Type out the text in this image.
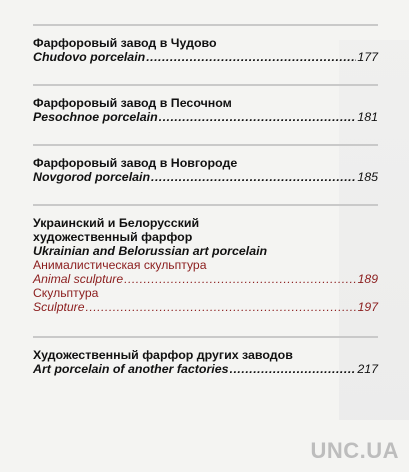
Фарфоровый завод в Чудово
Chudovo porcelain .....	177
Фарфоровый завод в Песочном
Pesochnoe porcelain .....	181
Фарфоровый завод в Новгороде
Novgorod porcelain .....	185
Украинский и Белорусский
художественный фарфор
Ukrainian and Belorussian art porcelain
Анималистическая скульптура
Animal sculpture .....	189
Скульптура
Sculpture .....	197
Художественный фарфор других заводов
Art porcelain of another factories .....	217
UNC.UA
